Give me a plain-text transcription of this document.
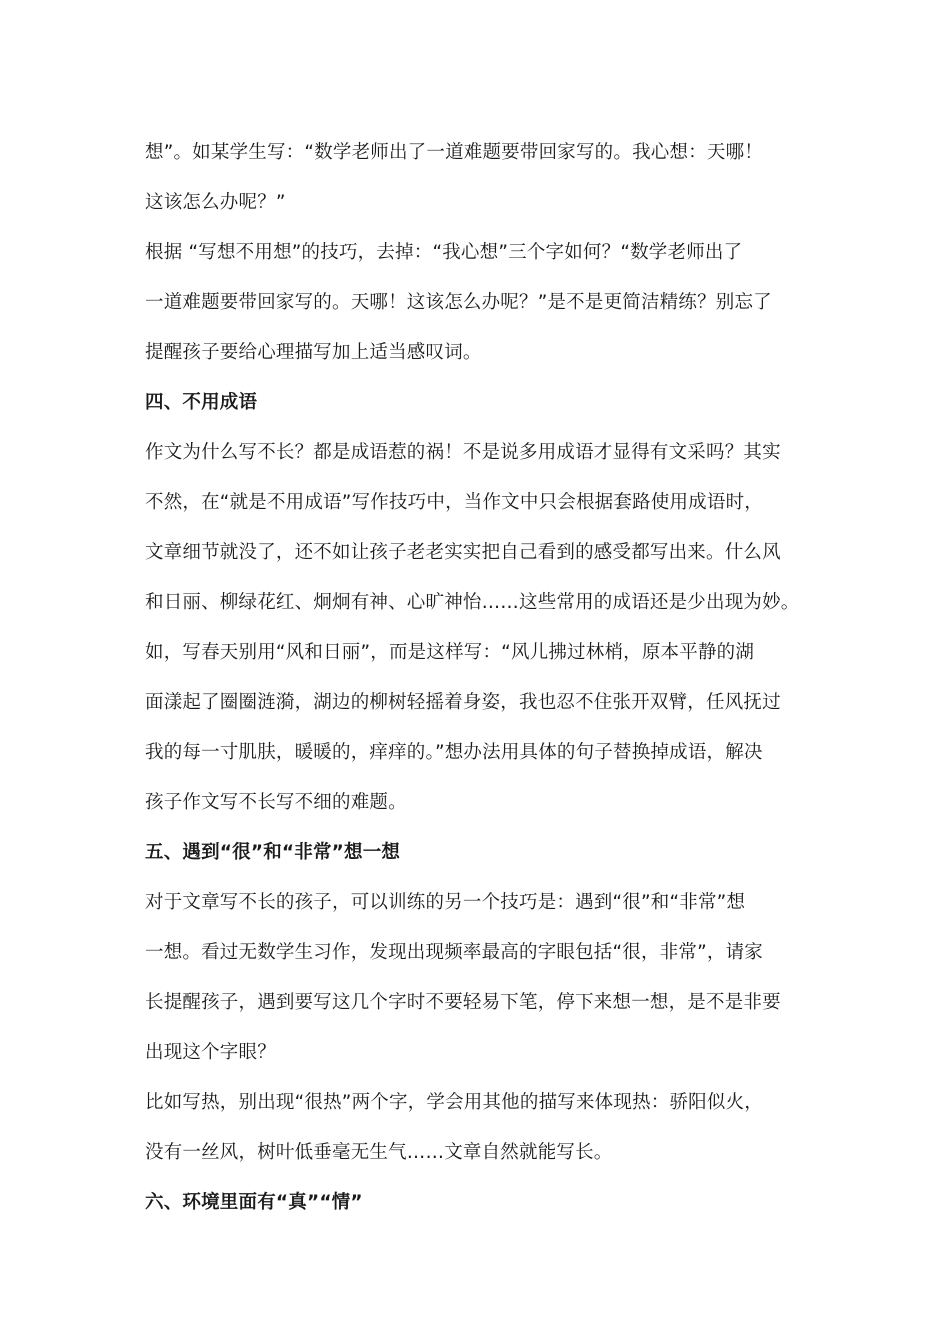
想”。如某学生写：“数学老师出了一道难题要带回家写的。我心想：天哪！
这该怎么办呢？”
根据 “写想不用想”的技巧，去掉：“我心想”三个字如何？“数学老师出了
一道难题要带回家写的。天哪！这该怎么办呢？”是不是更简洁精练？别忘了
提醒孩子要给心理描写加上适当感叹词。
四、不用成语
作文为什么写不长？都是成语惹的祸！不是说多用成语才显得有文采吗？其实
不然，在“就是不用成语”写作技巧中，当作文中只会根据套路使用成语时，
文章细节就没了，还不如让孩子老老实实把自己看到的感受都写出来。什么风
和日丽、柳绿花红、炯炯有神、心旷神怡……这些常用的成语还是少出现为妙。
如，写春天别用“风和日丽”，而是这样写：“风儿拂过林梢，原本平静的湖
面漾起了圈圈涟漪，湖边的柳树轻摇着身姿，我也忍不住张开双臂，任风抚过
我的每一寸肌肤，暖暖的，痒痒的。”想办法用具体的句子替换掉成语，解决
孩子作文写不长写不细的难题。
五、遇到“很”和“非常”想一想
对于文章写不长的孩子，可以训练的另一个技巧是：遇到“很”和“非常”想
一想。看过无数学生习作，发现出现频率最高的字眼包括“很，非常”，请家
长提醒孩子，遇到要写这几个字时不要轻易下笔，停下来想一想，是不是非要
出现这个字眼？
比如写热，别出现“很热”两个字，学会用其他的描写来体现热：骄阳似火，
没有一丝风，树叶低垂毫无生气……文章自然就能写长。
六、环境里面有“真”“情”
